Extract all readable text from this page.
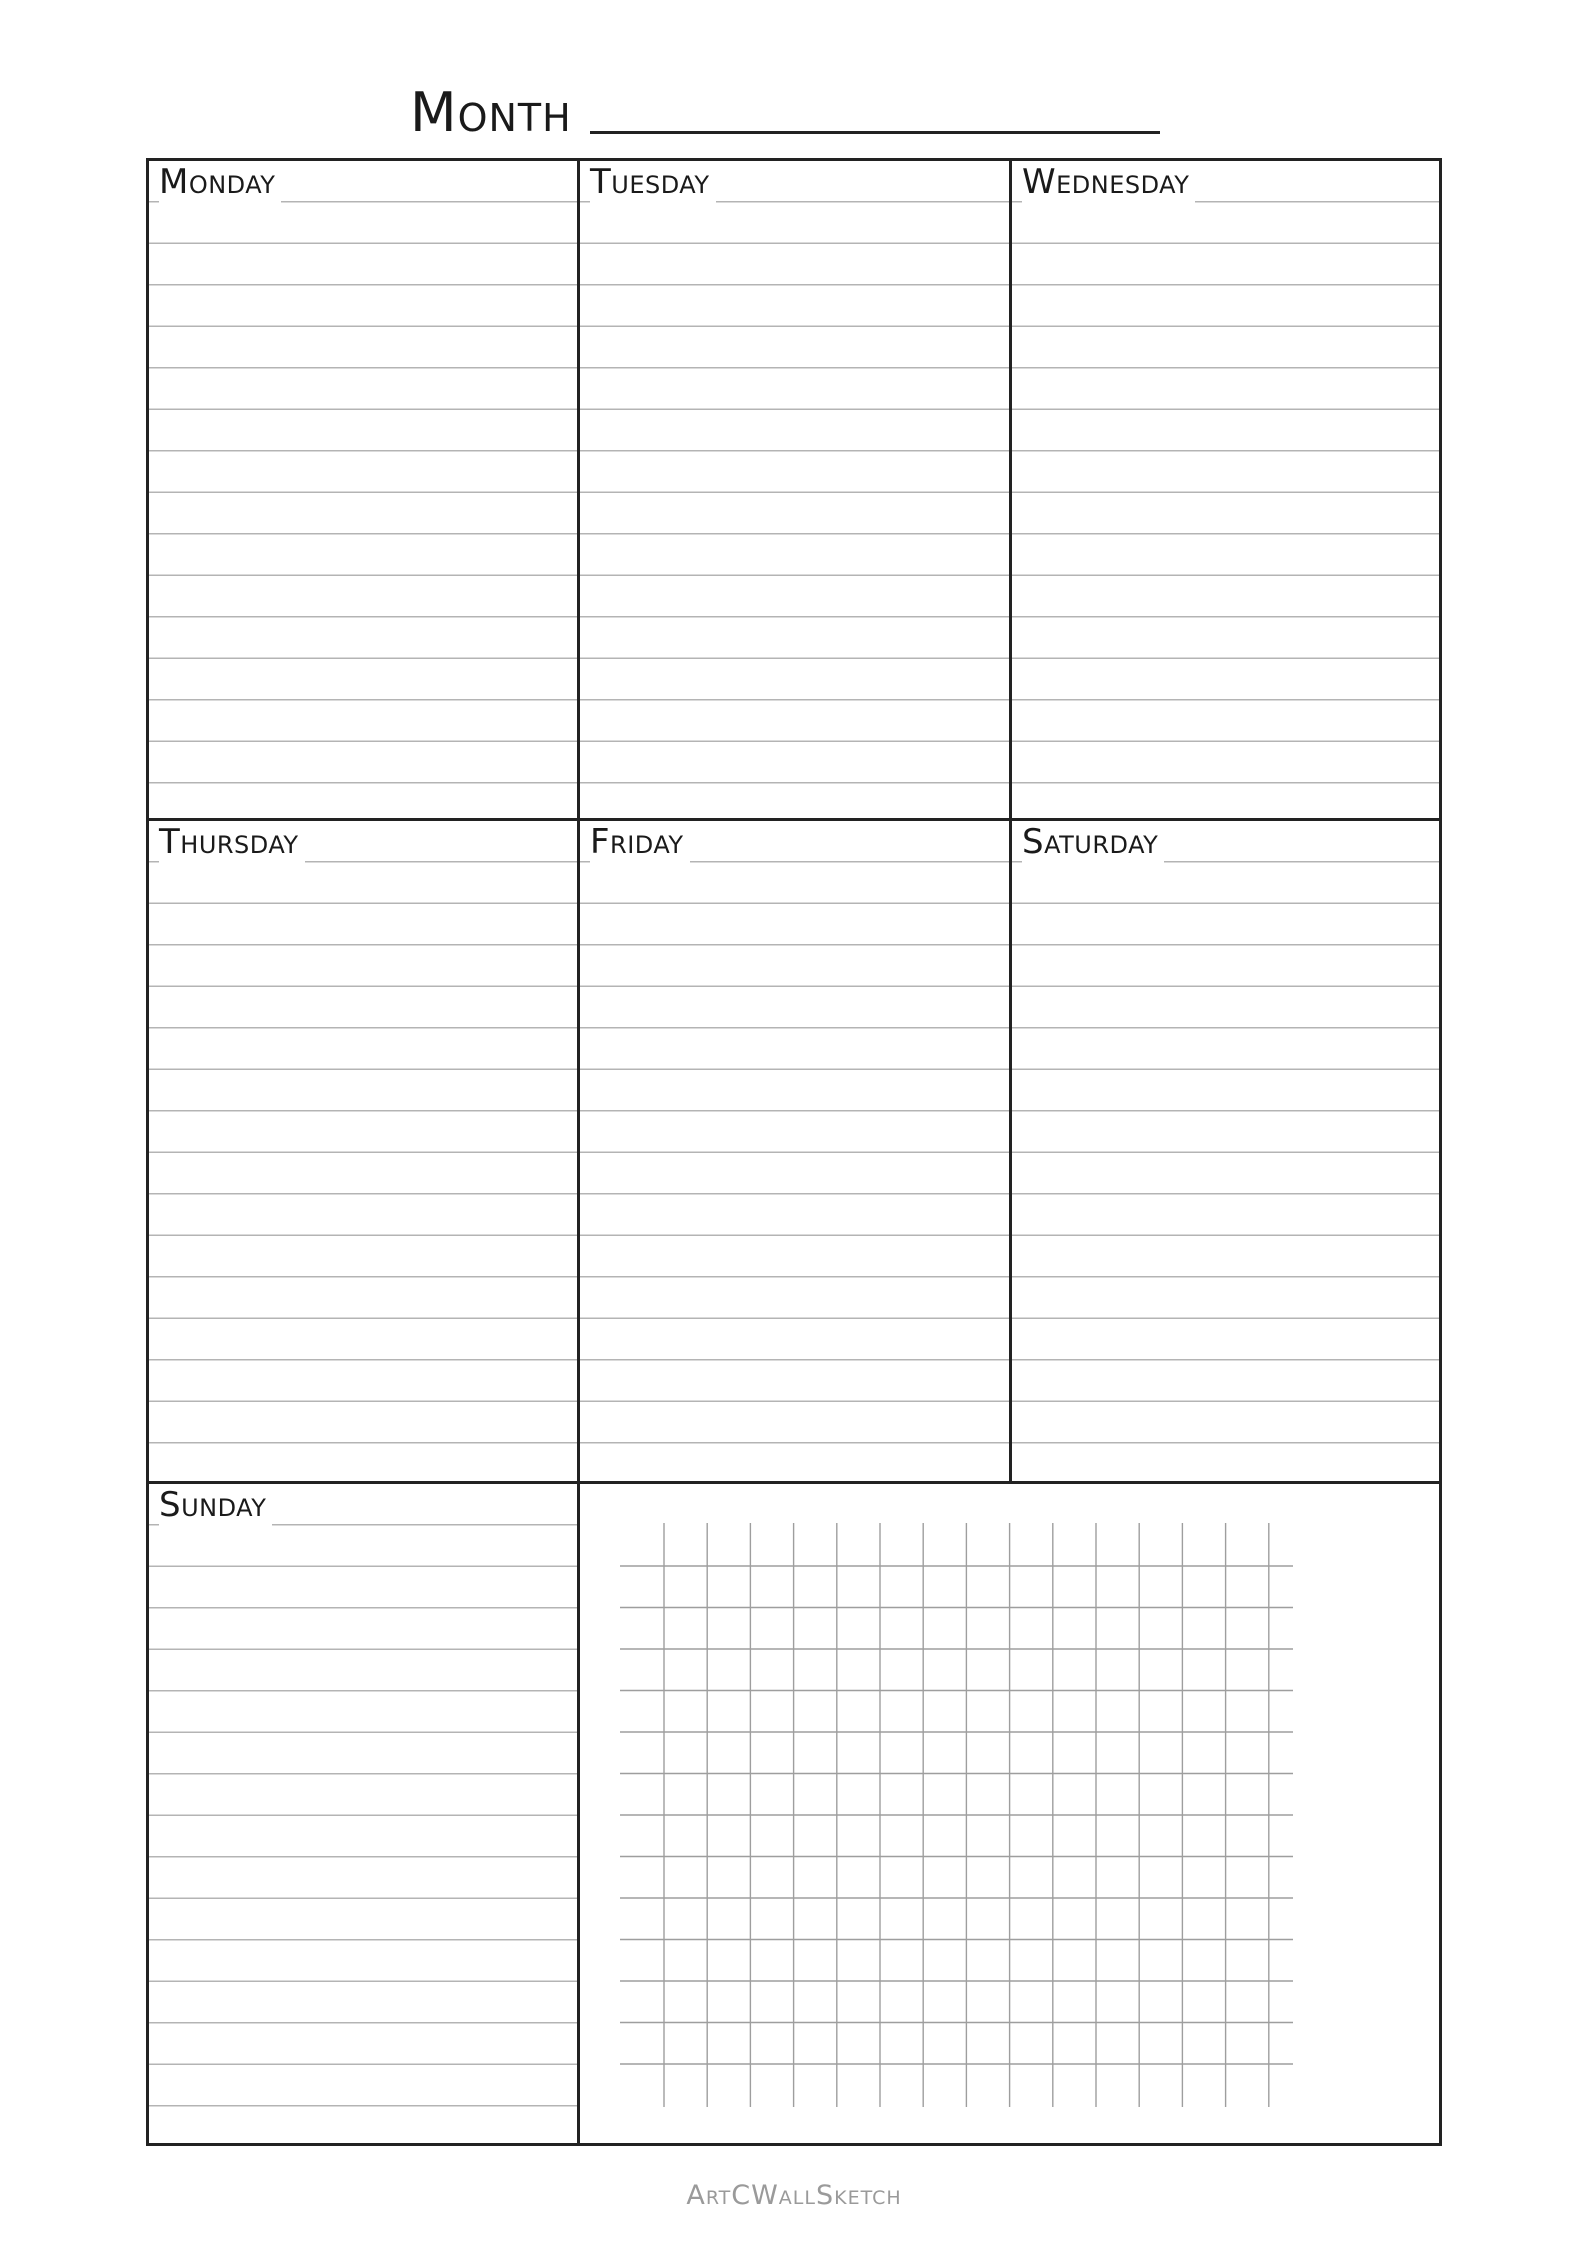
Month
Monday	Tuesday	Wednesday
Thursday	Friday	Saturday
Sunday
ArtCWallSketch
